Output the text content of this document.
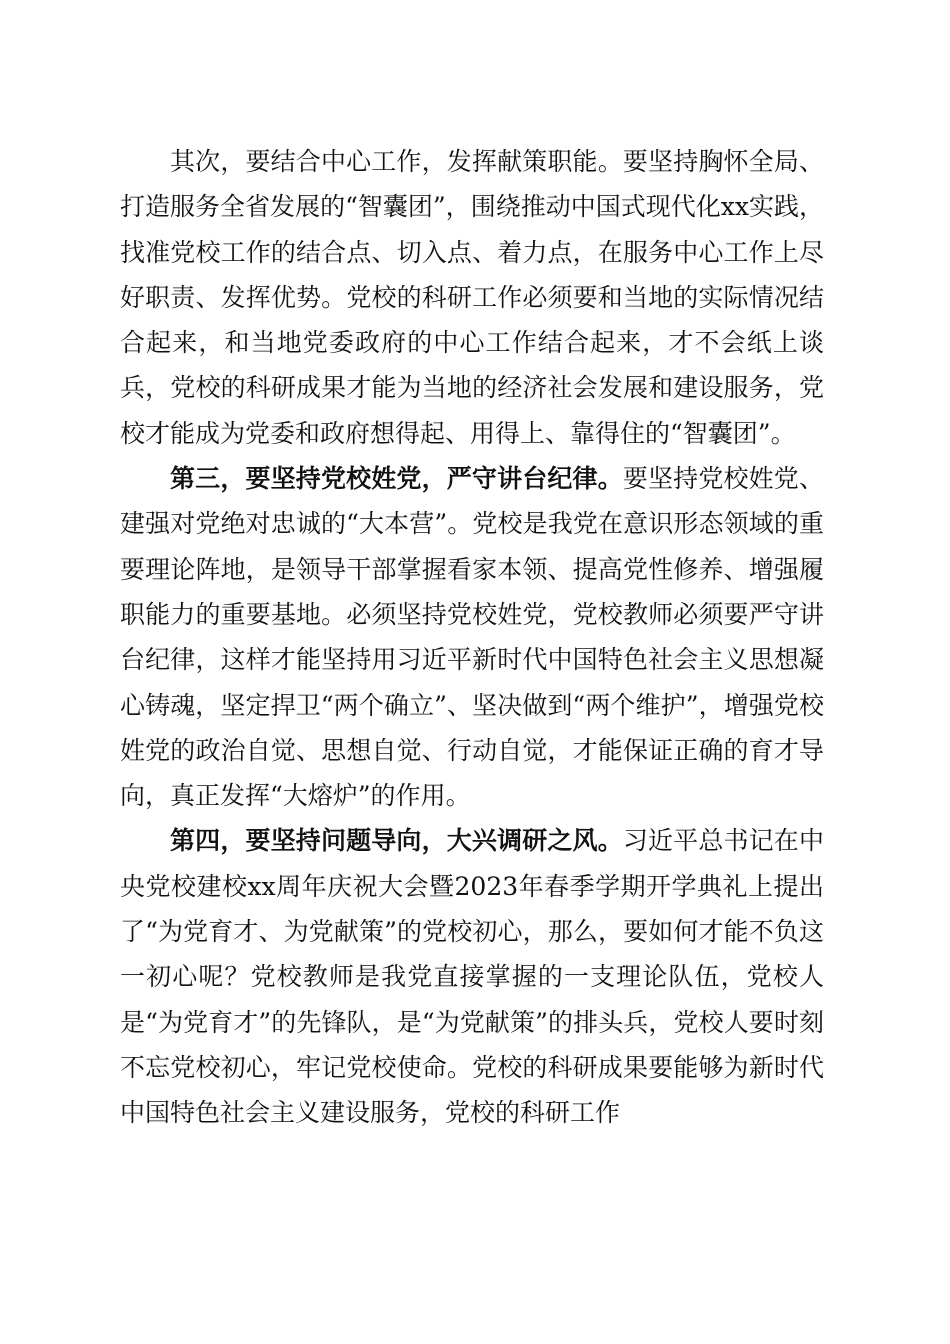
其次，要结合中心工作，发挥献策职能。要坚持胸怀全局、打造服务全省发展的“智囊团”，围绕推动中国式现代化xx实践，找准党校工作的结合点、切入点、着力点，在服务中心工作上尽好职责、发挥优势。党校的科研工作必须要和当地的实际情况结合起来，和当地党委政府的中心工作结合起来，才不会纸上谈兵，党校的科研成果才能为当地的经济社会发展和建设服务，党校才能成为党委和政府想得起、用得上、靠得住的“智囊团”。

第三，要坚持党校姓党，严守讲台纪律。要坚持党校姓党、建强对党绝对忠诚的“大本营”。党校是我党在意识形态领域的重要理论阵地，是领导干部掌握看家本领、提高党性修养、增强履职能力的重要基地。必须坚持党校姓党，党校教师必须要严守讲台纪律，这样才能坚持用习近平新时代中国特色社会主义思想凝心铸魂，坚定捍卫“两个确立”、坚决做到“两个维护”，增强党校姓党的政治自觉、思想自觉、行动自觉，才能保证正确的育才导向，真正发挥“大熔炉”的作用。

第四，要坚持问题导向，大兴调研之风。习近平总书记在中央党校建校xx周年庆祝大会暨2023年春季学期开学典礼上提出了“为党育才、为党献策”的党校初心，那么，要如何才能不负这一初心呢？党校教师是我党直接掌握的一支理论队伍，党校人是“为党育才”的先锋队，是“为党献策”的排头兵，党校人要时刻不忘党校初心，牢记党校使命。党校的科研成果要能够为新时代中国特色社会主义建设服务，党校的科研工作
